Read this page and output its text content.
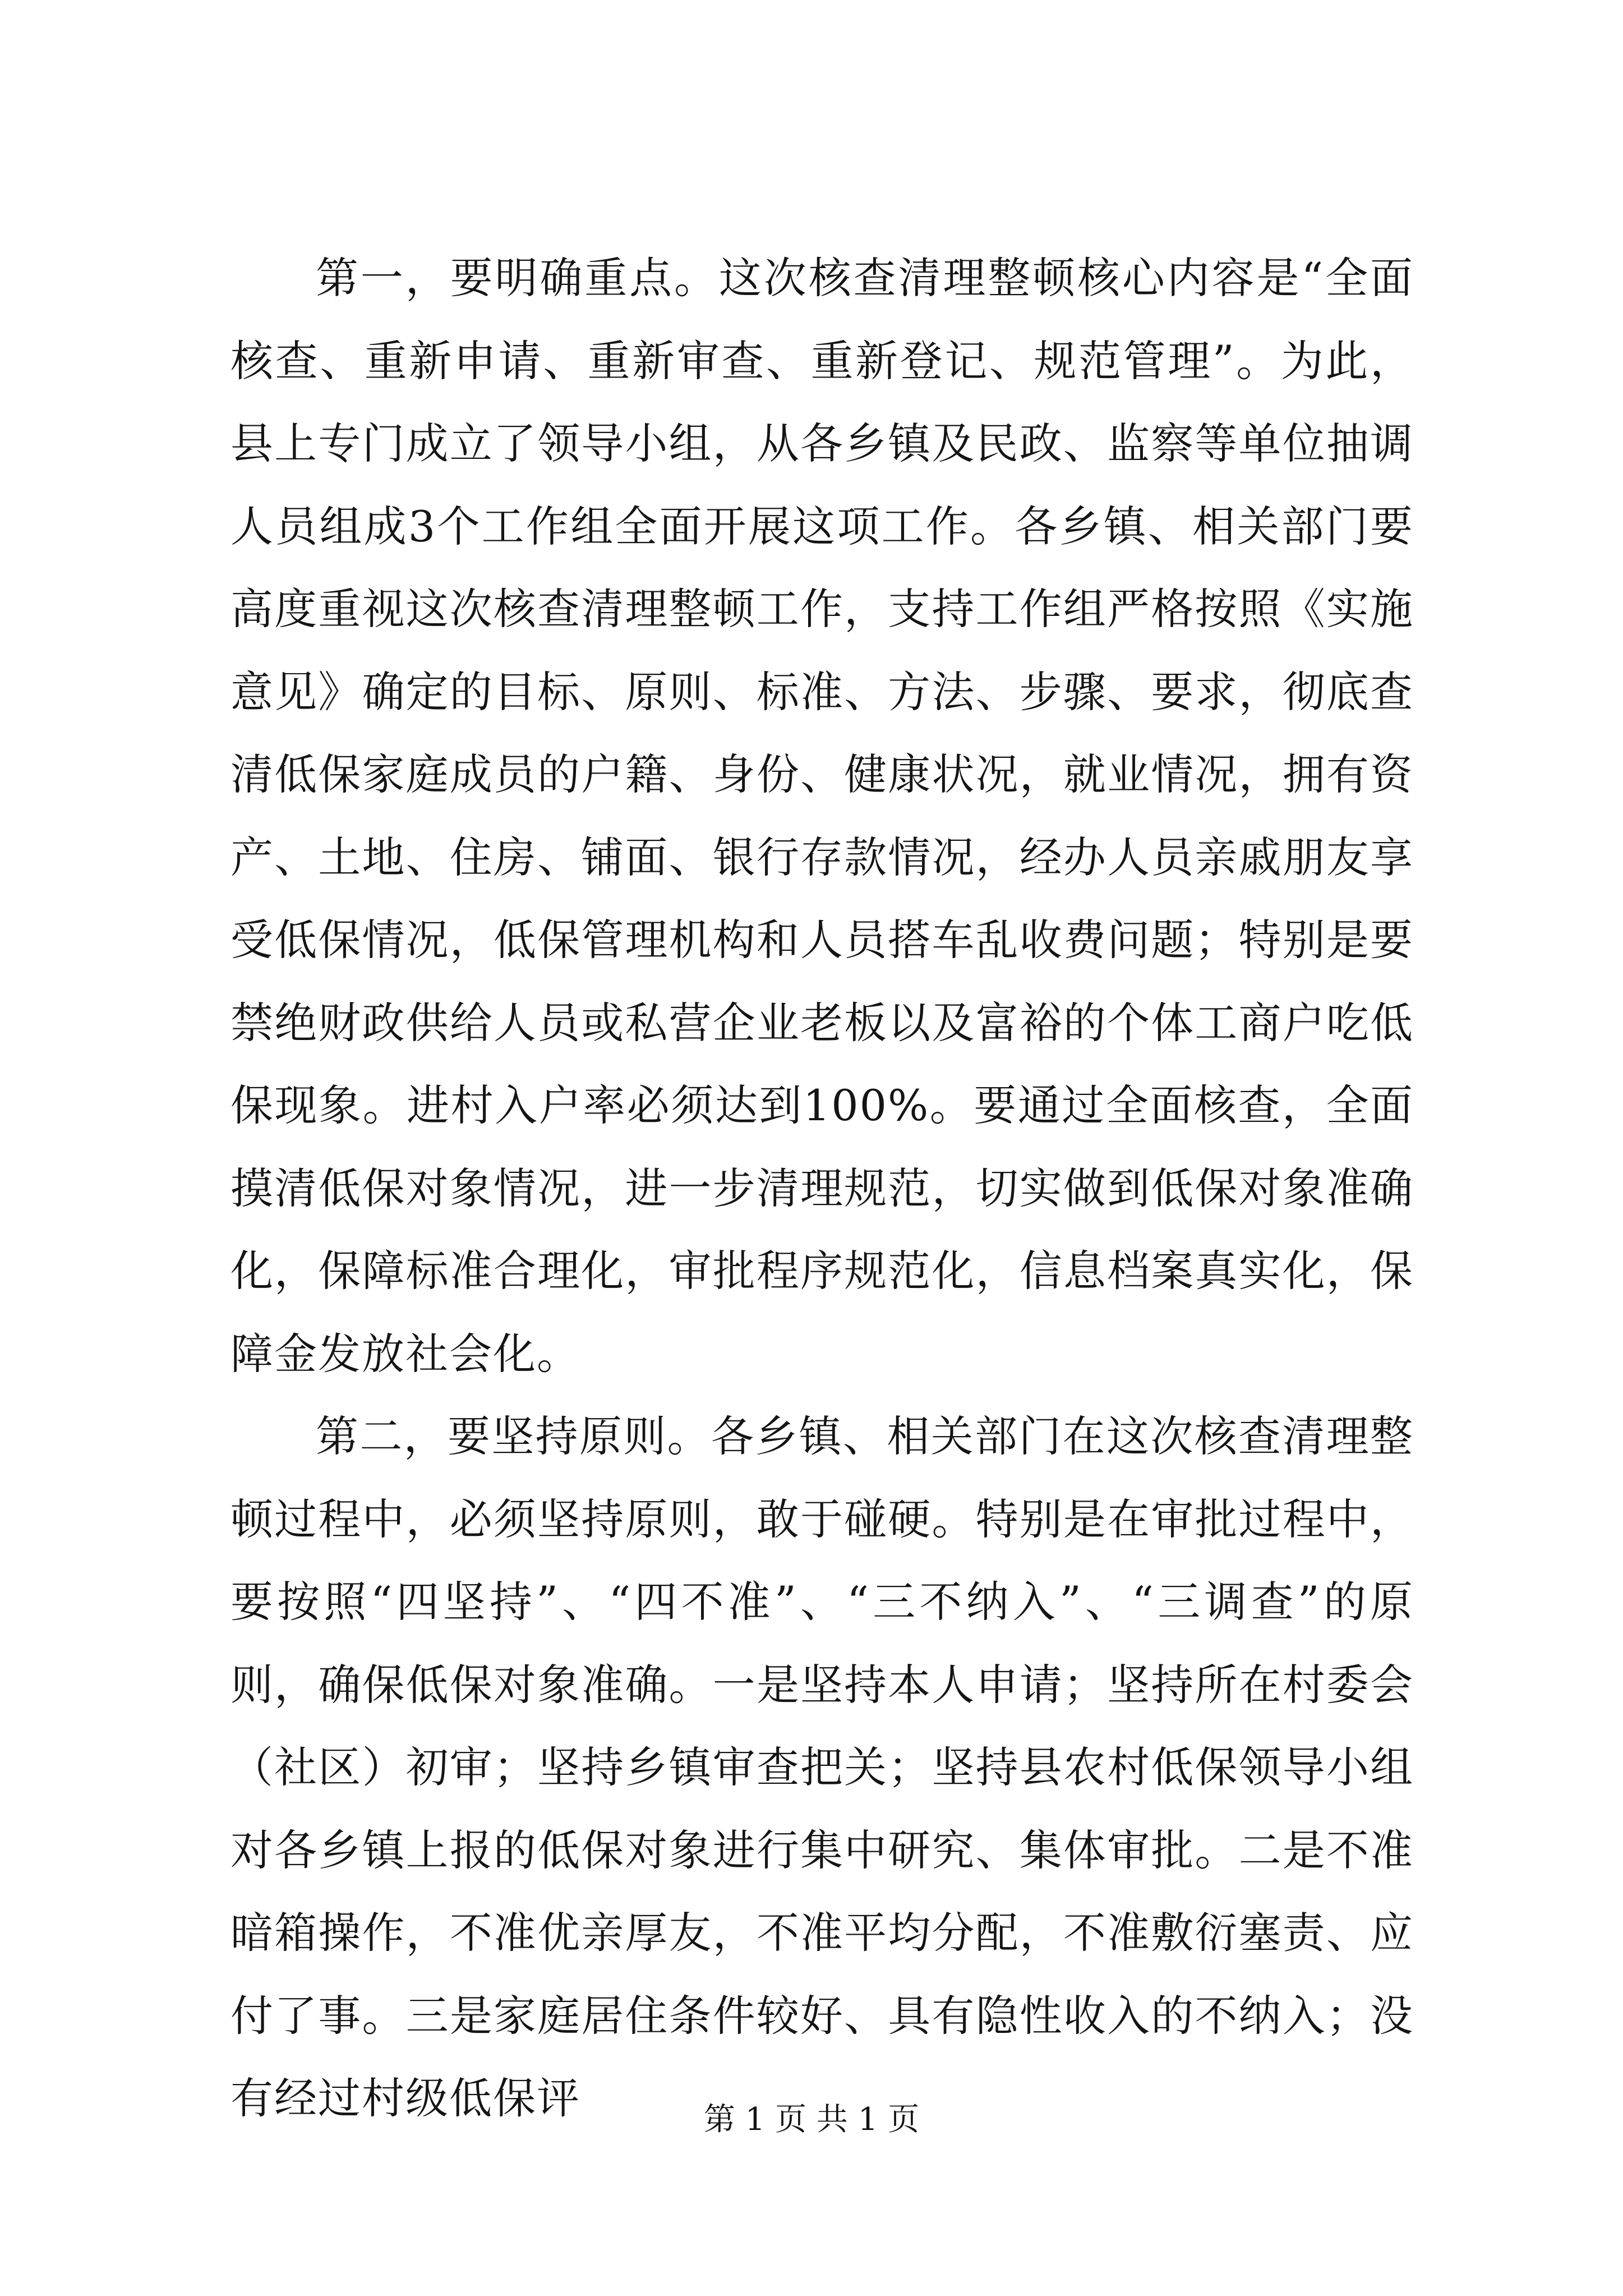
第一，要明确重点。这次核查清理整顿核心内容是“全面核查、重新申请、重新审查、重新登记、规范管理”。为此，县上专门成立了领导小组，从各乡镇及民政、监察等单位抽调人员组成3个工作组全面开展这项工作。各乡镇、相关部门要高度重视这次核查清理整顿工作，支持工作组严格按照《实施意见》确定的目标、原则、标准、方法、步骤、要求，彻底查清低保家庭成员的户籍、身份、健康状况，就业情况，拥有资产、土地、住房、铺面、银行存款情况，经办人员亲戚朋友享受低保情况，低保管理机构和人员搭车乱收费问题；特别是要禁绝财政供给人员或私营企业老板以及富裕的个体工商户吃低保现象。进村入户率必须达到100%。要通过全面核查，全面摸清低保对象情况，进一步清理规范，切实做到低保对象准确化，保障标准合理化，审批程序规范化，信息档案真实化，保障金发放社会化。

第二，要坚持原则。各乡镇、相关部门在这次核查清理整顿过程中，必须坚持原则，敢于碰硬。特别是在审批过程中，要按照“四坚持”、“四不准”、“三不纳入”、“三调查”的原则，确保低保对象准确。一是坚持本人申请；坚持所在村委会（社区）初审；坚持乡镇审查把关；坚持县农村低保领导小组对各乡镇上报的低保对象进行集中研究、集体审批。二是不准暗箱操作，不准优亲厚友，不准平均分配，不准敷衍塞责、应付了事。三是家庭居住条件较好、具有隐性收入的不纳入；没有经过村级低保评	第 1 页 共 1 页
